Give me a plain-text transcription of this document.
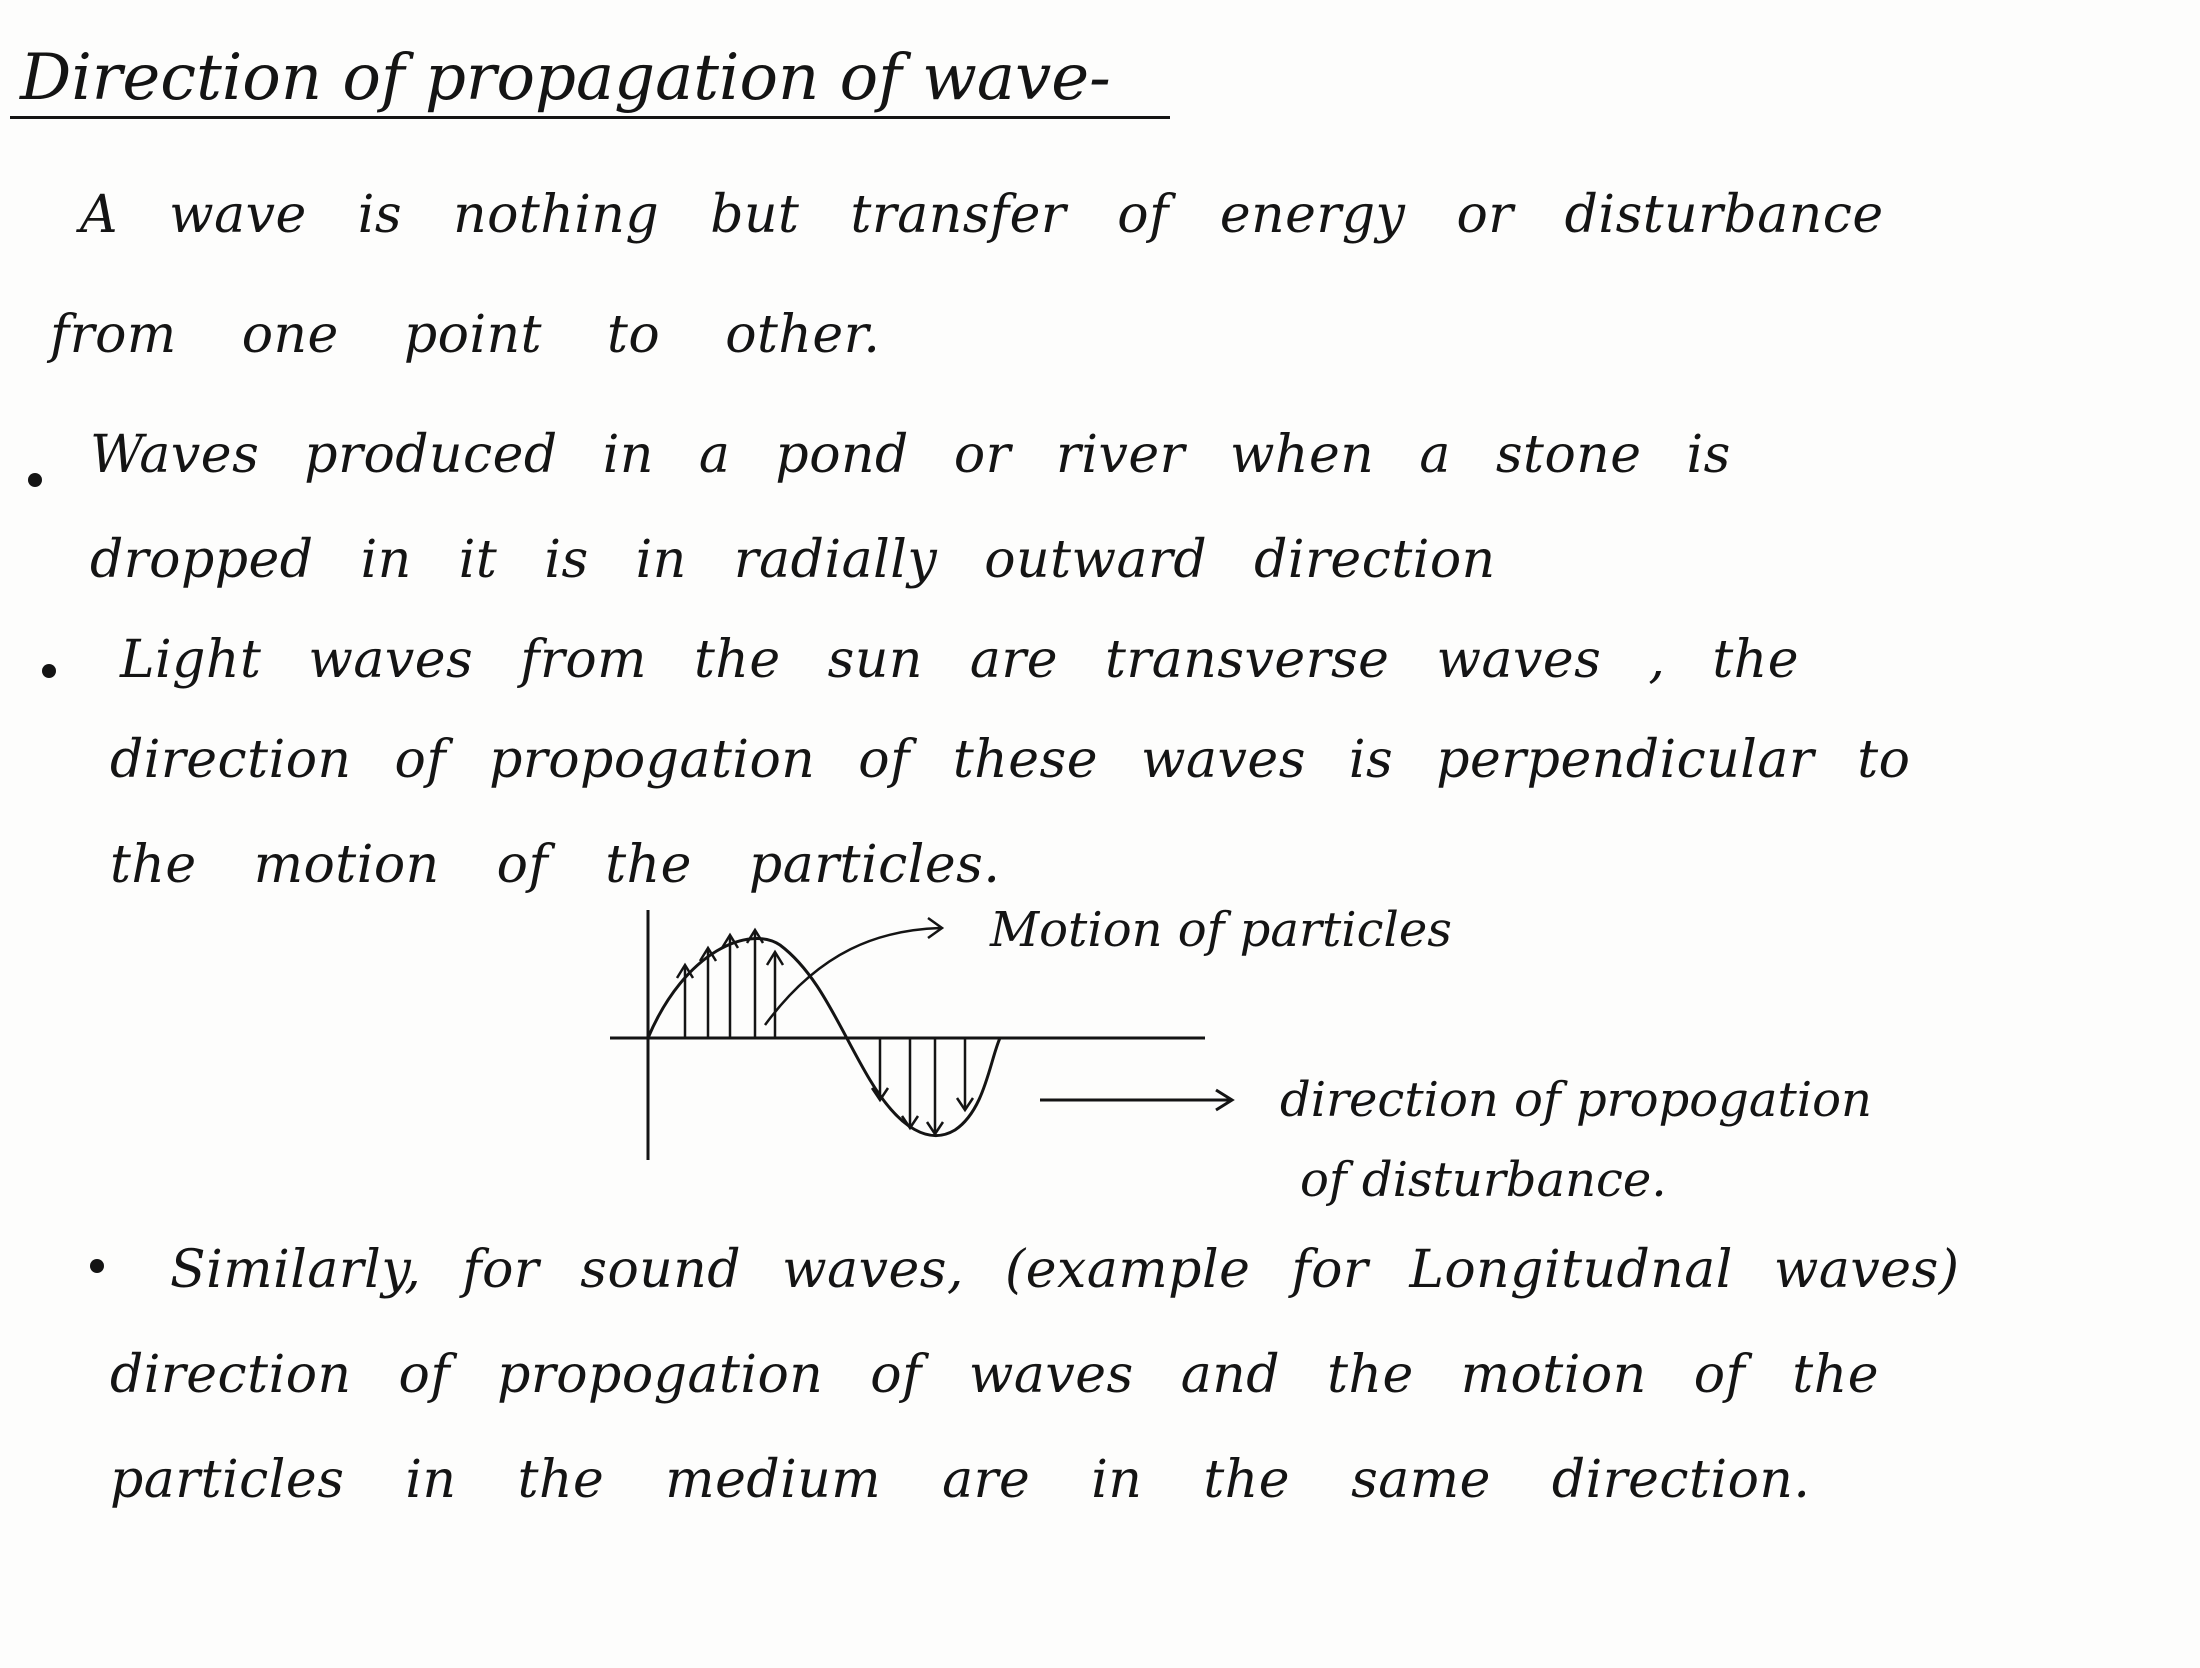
Direction of propagation of wave-
A wave is nothing but transfer of energy or disturbance
from one point to other.
Waves produced in a pond or river when a stone is
dropped in it is in radially outward direction
Light waves from the sun are transverse waves , the
direction of propogation of these waves is perpendicular to
the motion of the particles.
Motion of particles
direction of propogation
of disturbance.
Similarly, for sound waves, (example for Longitudnal waves)
direction of propogation of waves and the motion of the
particles in the medium are in the same direction.
